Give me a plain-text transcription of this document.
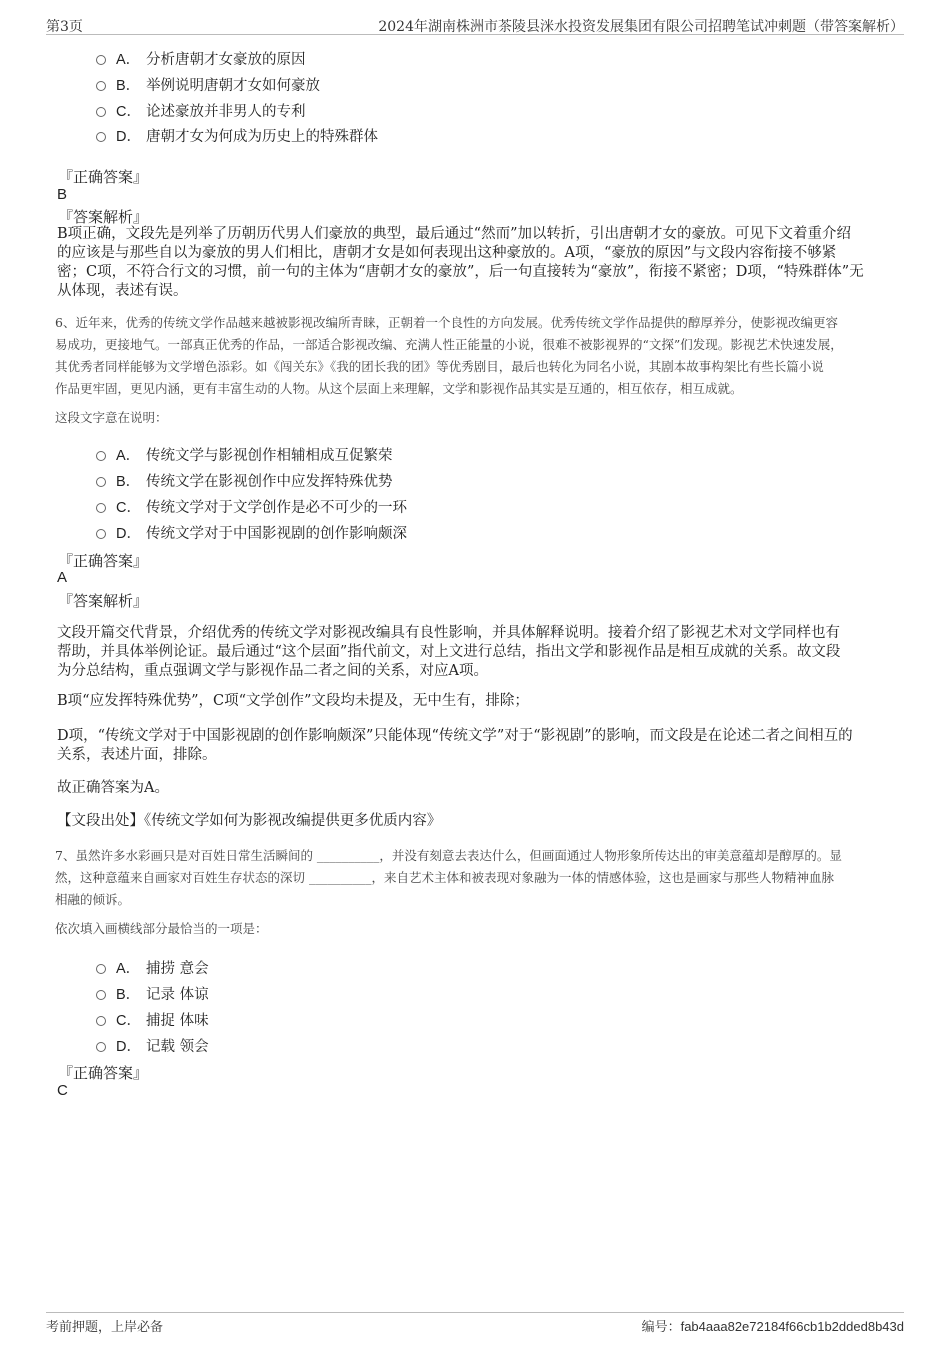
第3页	2024年湖南株洲市茶陵县洣水投资发展集团有限公司招聘笔试冲刺题（带答案解析）
A． 分析唐朝才女豪放的原因
B． 举例说明唐朝才女如何豪放
C． 论述豪放并非男人的专利
D． 唐朝才女为何成为历史上的特殊群体
『正确答案』
B
『答案解析』
B项正确，文段先是列举了历朝历代男人们豪放的典型，最后通过“然而”加以转折，引出唐朝才女的豪放。可见下文着重介绍
的应该是与那些自以为豪放的男人们相比，唐朝才女是如何表现出这种豪放的。A项，“豪放的原因”与文段内容衔接不够紧
密；C项，不符合行文的习惯，前一句的主体为“唐朝才女的豪放”，后一句直接转为“豪放”，衔接不紧密；D项，“特殊群体”无
从体现，表述有误。
6、近年来，优秀的传统文学作品越来越被影视改编所青睐，正朝着一个良性的方向发展。优秀传统文学作品提供的醇厚养分，使影视改编更容
易成功，更接地气。一部真正优秀的作品，一部适合影视改编、充满人性正能量的小说，很难不被影视界的“文探”们发现。影视艺术快速发展，
其优秀者同样能够为文学增色添彩。如《闯关东》《我的团长我的团》等优秀剧目，最后也转化为同名小说，其剧本故事构架比有些长篇小说
作品更牢固，更见内涵，更有丰富生动的人物。从这个层面上来理解，文学和影视作品其实是互通的，相互依存，相互成就。
这段文字意在说明：
A． 传统文学与影视创作相辅相成互促繁荣
B． 传统文学在影视创作中应发挥特殊优势
C． 传统文学对于文学创作是必不可少的一环
D． 传统文学对于中国影视剧的创作影响颇深
『正确答案』
A
『答案解析』
文段开篇交代背景，介绍优秀的传统文学对影视改编具有良性影响，并具体解释说明。接着介绍了影视艺术对文学同样也有
帮助，并具体举例论证。最后通过“这个层面”指代前文，对上文进行总结，指出文学和影视作品是相互成就的关系。故文段
为分总结构，重点强调文学与影视作品二者之间的关系，对应A项。
B项“应发挥特殊优势”，C项“文学创作”文段均未提及，无中生有，排除；
D项，“传统文学对于中国影视剧的创作影响颇深”只能体现“传统文学”对于“影视剧”的影响，而文段是在论述二者之间相互的
关系，表述片面，排除。
故正确答案为A。
【文段出处】《传统文学如何为影视改编提供更多优质内容》
7、虽然许多水彩画只是对百姓日常生活瞬间的 __________，并没有刻意去表达什么，但画面通过人物形象所传达出的审美意蕴却是醇厚的。显
然，这种意蕴来自画家对百姓生存状态的深切 __________，来自艺术主体和被表现对象融为一体的情感体验，这也是画家与那些人物精神血脉
相融的倾诉。
依次填入画横线部分最恰当的一项是：
A． 捕捞 意会
B． 记录 体谅
C． 捕捉 体味
D． 记载 领会
『正确答案』
C
考前押题，上岸必备	编号：fab4aaa82e72184f66cb1b2dded8b43d
